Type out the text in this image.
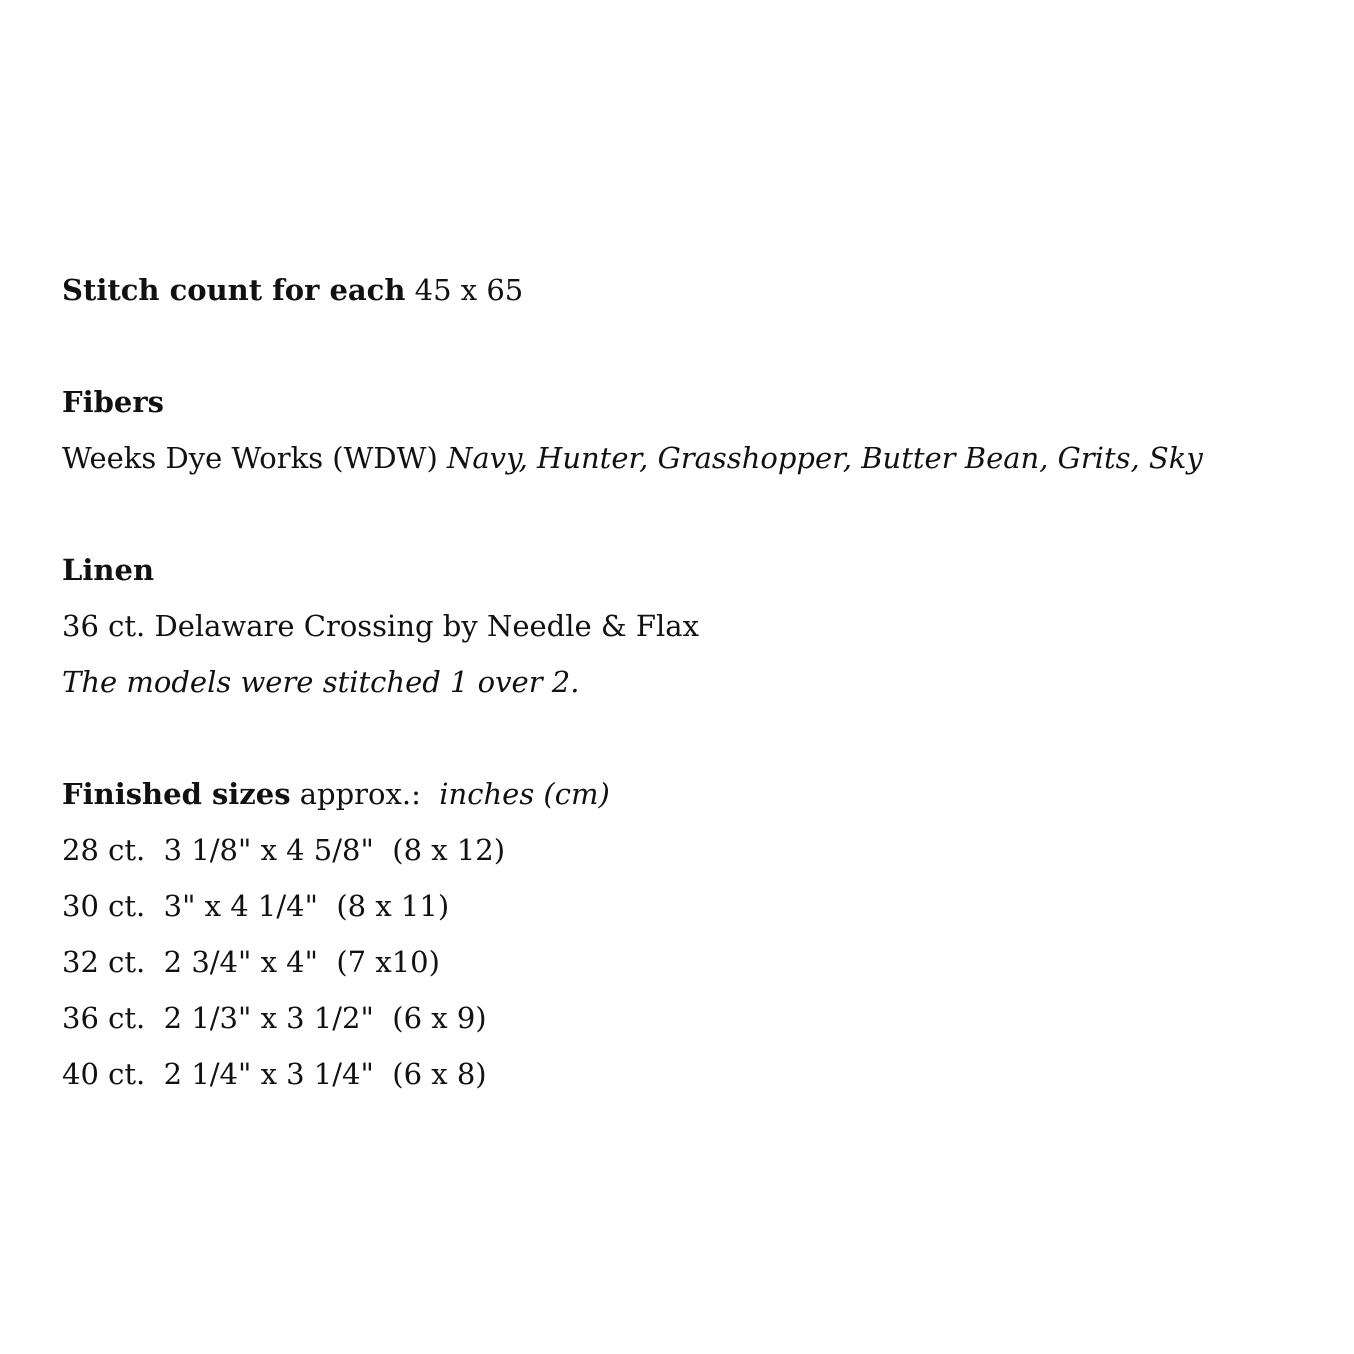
Stitch count for each 45 x 65
Fibers
Weeks Dye Works (WDW) Navy, Hunter, Grasshopper, Butter Bean, Grits, Sky
Linen
36 ct. Delaware Crossing by Needle & Flax
The models were stitched 1 over 2.
Finished sizes approx.: inches (cm)
28 ct.  3 1/8" x 4 5/8"  (8 x 12)
30 ct.  3" x 4 1/4"  (8 x 11)
32 ct.  2 3/4" x 4"  (7 x10)
36 ct.  2 1/3" x 3 1/2"  (6 x 9)
40 ct.  2 1/4" x 3 1/4"  (6 x 8)
